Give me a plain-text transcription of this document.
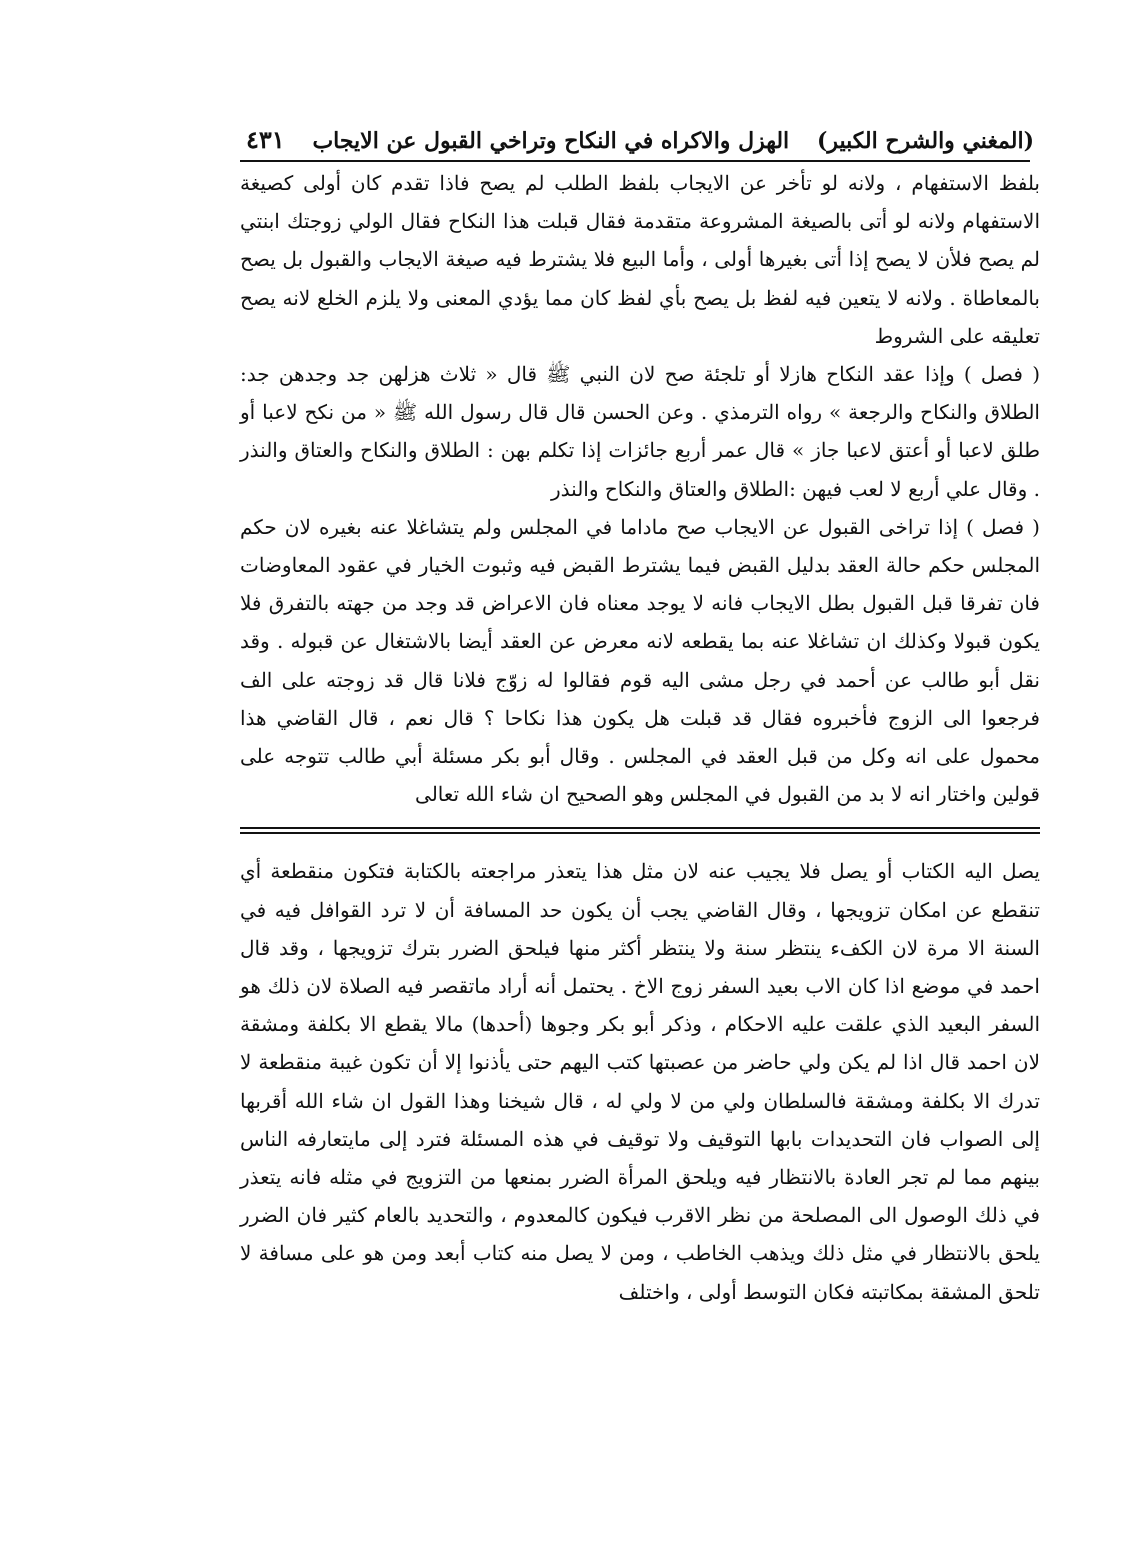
(المغني والشرح الكبير)
الهزل والاكراه في النكاح وتراخي القبول عن الايجاب
٤٣١

بلفظ الاستفهام ، ولانه لو تأخر عن الايجاب بلفظ الطلب لم يصح فاذا تقدم كان أولى كصيغة الاستفهام ولانه لو أتى بالصيغة المشروعة متقدمة فقال قبلت هذا النكاح فقال الولي زوجتك ابنتي لم يصح فلأن لا يصح إذا أتى بغيرها أولى ، وأما البيع فلا يشترط فيه صيغة الايجاب والقبول بل يصح بالمعاطاة . ولانه لا يتعين فيه لفظ بل يصح بأي لفظ كان مما يؤدي المعنى ولا يلزم الخلع لانه يصح تعليقه على الشروط

( فصل ) وإذا عقد النكاح هازلا أو تلجئة صح لان النبي ﷺ قال « ثلاث هزلهن جد وجدهن جد: الطلاق والنكاح والرجعة » رواه الترمذي . وعن الحسن قال قال رسول الله ﷺ « من نكح لاعبا أو طلق لاعبا أو أعتق لاعبا جاز » قال عمر أربع جائزات إذا تكلم بهن : الطلاق والنكاح والعتاق والنذر . وقال علي أربع لا لعب فيهن :الطلاق والعتاق والنكاح والنذر

( فصل ) إذا تراخى القبول عن الايجاب صح ماداما في المجلس ولم يتشاغلا عنه بغيره لان حكم المجلس حكم حالة العقد بدليل القبض فيما يشترط القبض فيه وثبوت الخيار في عقود المعاوضات فان تفرقا قبل القبول بطل الايجاب فانه لا يوجد معناه فان الاعراض قد وجد من جهته بالتفرق فلا يكون قبولا وكذلك ان تشاغلا عنه بما يقطعه لانه معرض عن العقد أيضا بالاشتغال عن قبوله . وقد نقل أبو طالب عن أحمد في رجل مشى اليه قوم فقالوا له زوّج فلانا قال قد زوجته على الف فرجعوا الى الزوج فأخبروه فقال قد قبلت هل يكون هذا نكاحا ؟ قال نعم ، قال القاضي هذا محمول على انه وكل من قبل العقد في المجلس . وقال أبو بكر مسئلة أبي طالب تتوجه على قولين واختار انه لا بد من القبول في المجلس وهو الصحيح ان شاء الله تعالى

يصل اليه الكتاب أو يصل فلا يجيب عنه لان مثل هذا يتعذر مراجعته بالكتابة فتكون منقطعة أي تنقطع عن امكان تزويجها ، وقال القاضي يجب أن يكون حد المسافة أن لا ترد القوافل فيه في السنة الا مرة لان الكفء ينتظر سنة ولا ينتظر أكثر منها فيلحق الضرر بترك تزويجها ، وقد قال احمد في موضع اذا كان الاب بعيد السفر زوج الاخ . يحتمل أنه أراد ماتقصر فيه الصلاة لان ذلك هو السفر البعيد الذي علقت عليه الاحكام ، وذكر أبو بكر وجوها (أحدها) مالا يقطع الا بكلفة ومشقة لان احمد قال اذا لم يكن ولي حاضر من عصبتها كتب اليهم حتى يأذنوا إلا أن تكون غيبة منقطعة لا تدرك الا بكلفة ومشقة فالسلطان ولي من لا ولي له ، قال شيخنا وهذا القول ان شاء الله أقربها إلى الصواب فان التحديدات بابها التوقيف ولا توقيف في هذه المسئلة فترد إلى مايتعارفه الناس بينهم مما لم تجر العادة بالانتظار فيه ويلحق المرأة الضرر بمنعها من التزويج في مثله فانه يتعذر في ذلك الوصول الى المصلحة من نظر الاقرب فيكون كالمعدوم ، والتحديد بالعام كثير فان الضرر يلحق بالانتظار في مثل ذلك ويذهب الخاطب ، ومن لا يصل منه كتاب أبعد ومن هو على مسافة لا تلحق المشقة بمكاتبته فكان التوسط أولى ، واختلف
